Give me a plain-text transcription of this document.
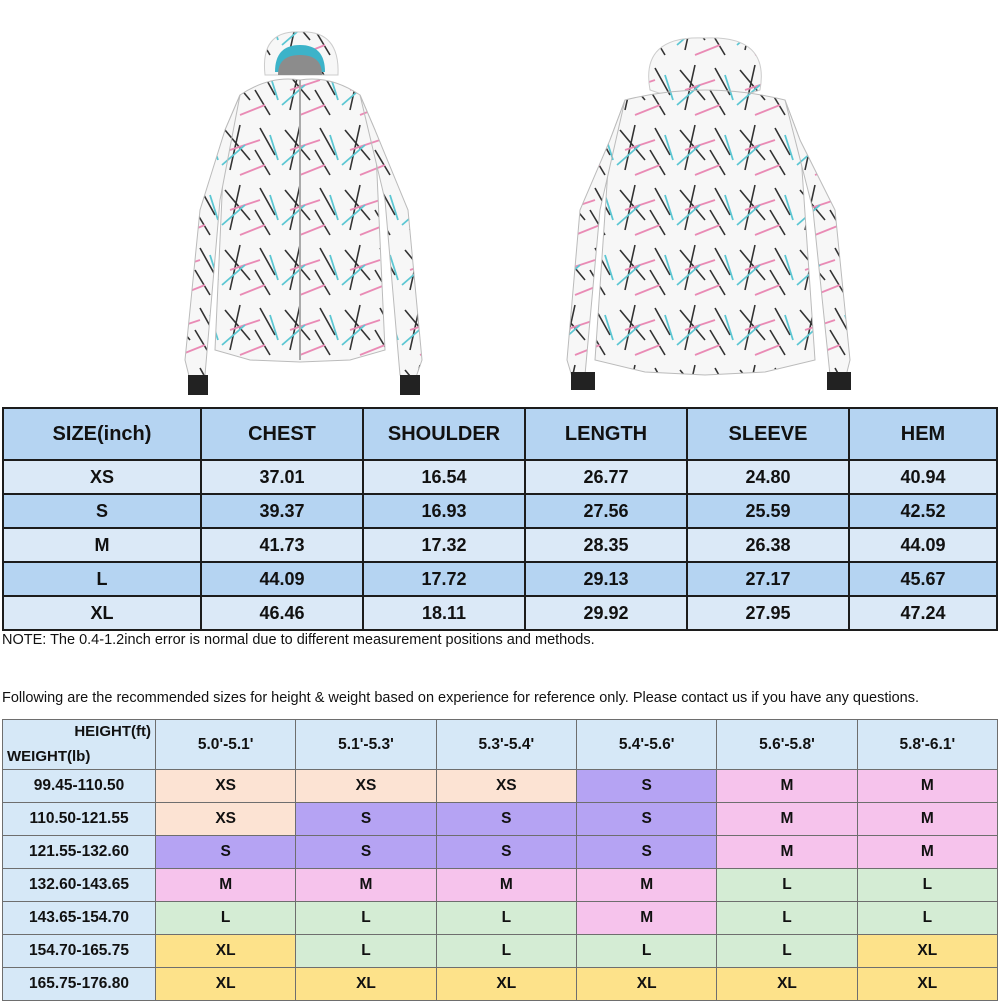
SIZE(inch)	CHEST	SHOULDER	LENGTH	SLEEVE	HEM
XS	37.01	16.54	26.77	24.80	40.94
S	39.37	16.93	27.56	25.59	42.52
M	41.73	17.32	28.35	26.38	44.09
L	44.09	17.72	29.13	27.17	45.67
XL	46.46	18.11	29.92	27.95	47.24
NOTE: The 0.4-1.2inch error is normal due to different measurement positions and methods.
Following are the recommended sizes for height & weight based on experience for reference only. Please contact us if you have any questions.
HEIGHT(ft)
WEIGHT(lb)	5.0'-5.1'	5.1'-5.3'	5.3'-5.4'	5.4'-5.6'	5.6'-5.8'	5.8'-6.1'
99.45-110.50	XS	XS	XS	S	M	M
110.50-121.55	XS	S	S	S	M	M
121.55-132.60	S	S	S	S	M	M
132.60-143.65	M	M	M	M	L	L
143.65-154.70	L	L	L	M	L	L
154.70-165.75	XL	L	L	L	L	XL
165.75-176.80	XL	XL	XL	XL	XL	XL
